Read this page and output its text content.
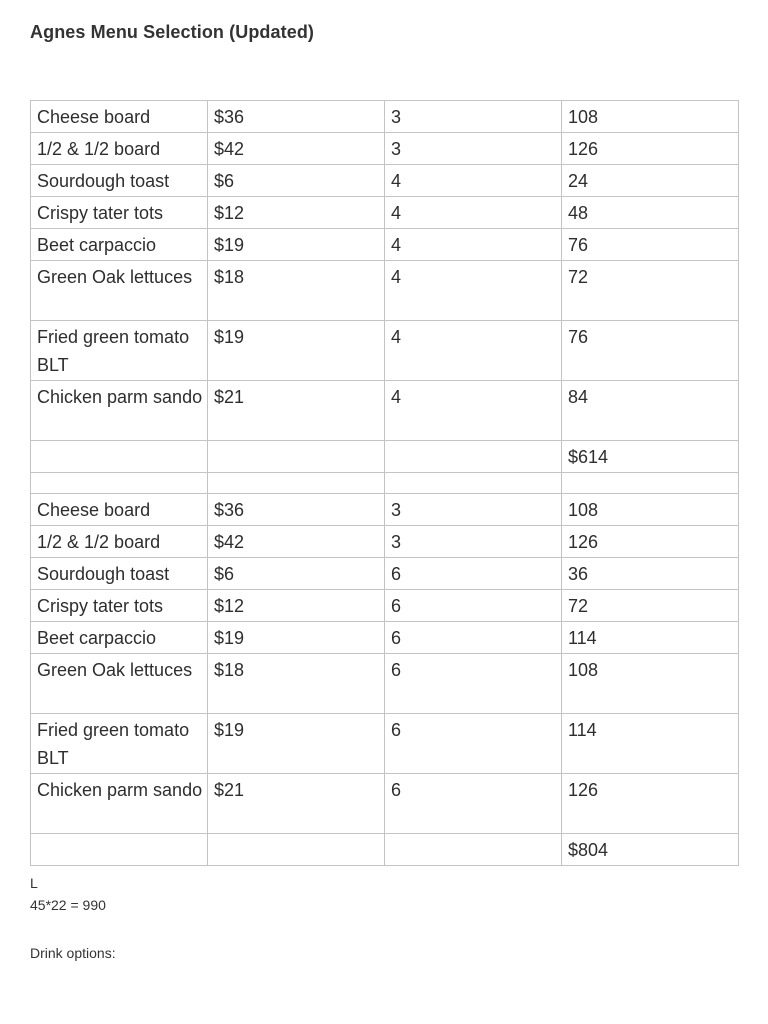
Agnes Menu Selection (Updated)
Cheese board	$36	3	108

1/2 & 1/2 board	$42	3	126

Sourdough toast	$6	4	24

Crispy tater tots	$12	4	48

Beet carpaccio	$19	4	76

Green Oak lettuces	$18	4	72

Fried green tomato BLT	$19	4	76

Chicken parm sando	$21	4	84

			$614

Cheese board	$36	3	108

1/2 & 1/2 board	$42	3	126

Sourdough toast	$6	6	36

Crispy tater tots	$12	6	72

Beet carpaccio	$19	6	114

Green Oak lettuces	$18	6	108

Fried green tomato BLT	$19	6	114

Chicken parm sando	$21	6	126

			$804
L
45*22 = 990
Drink options:
